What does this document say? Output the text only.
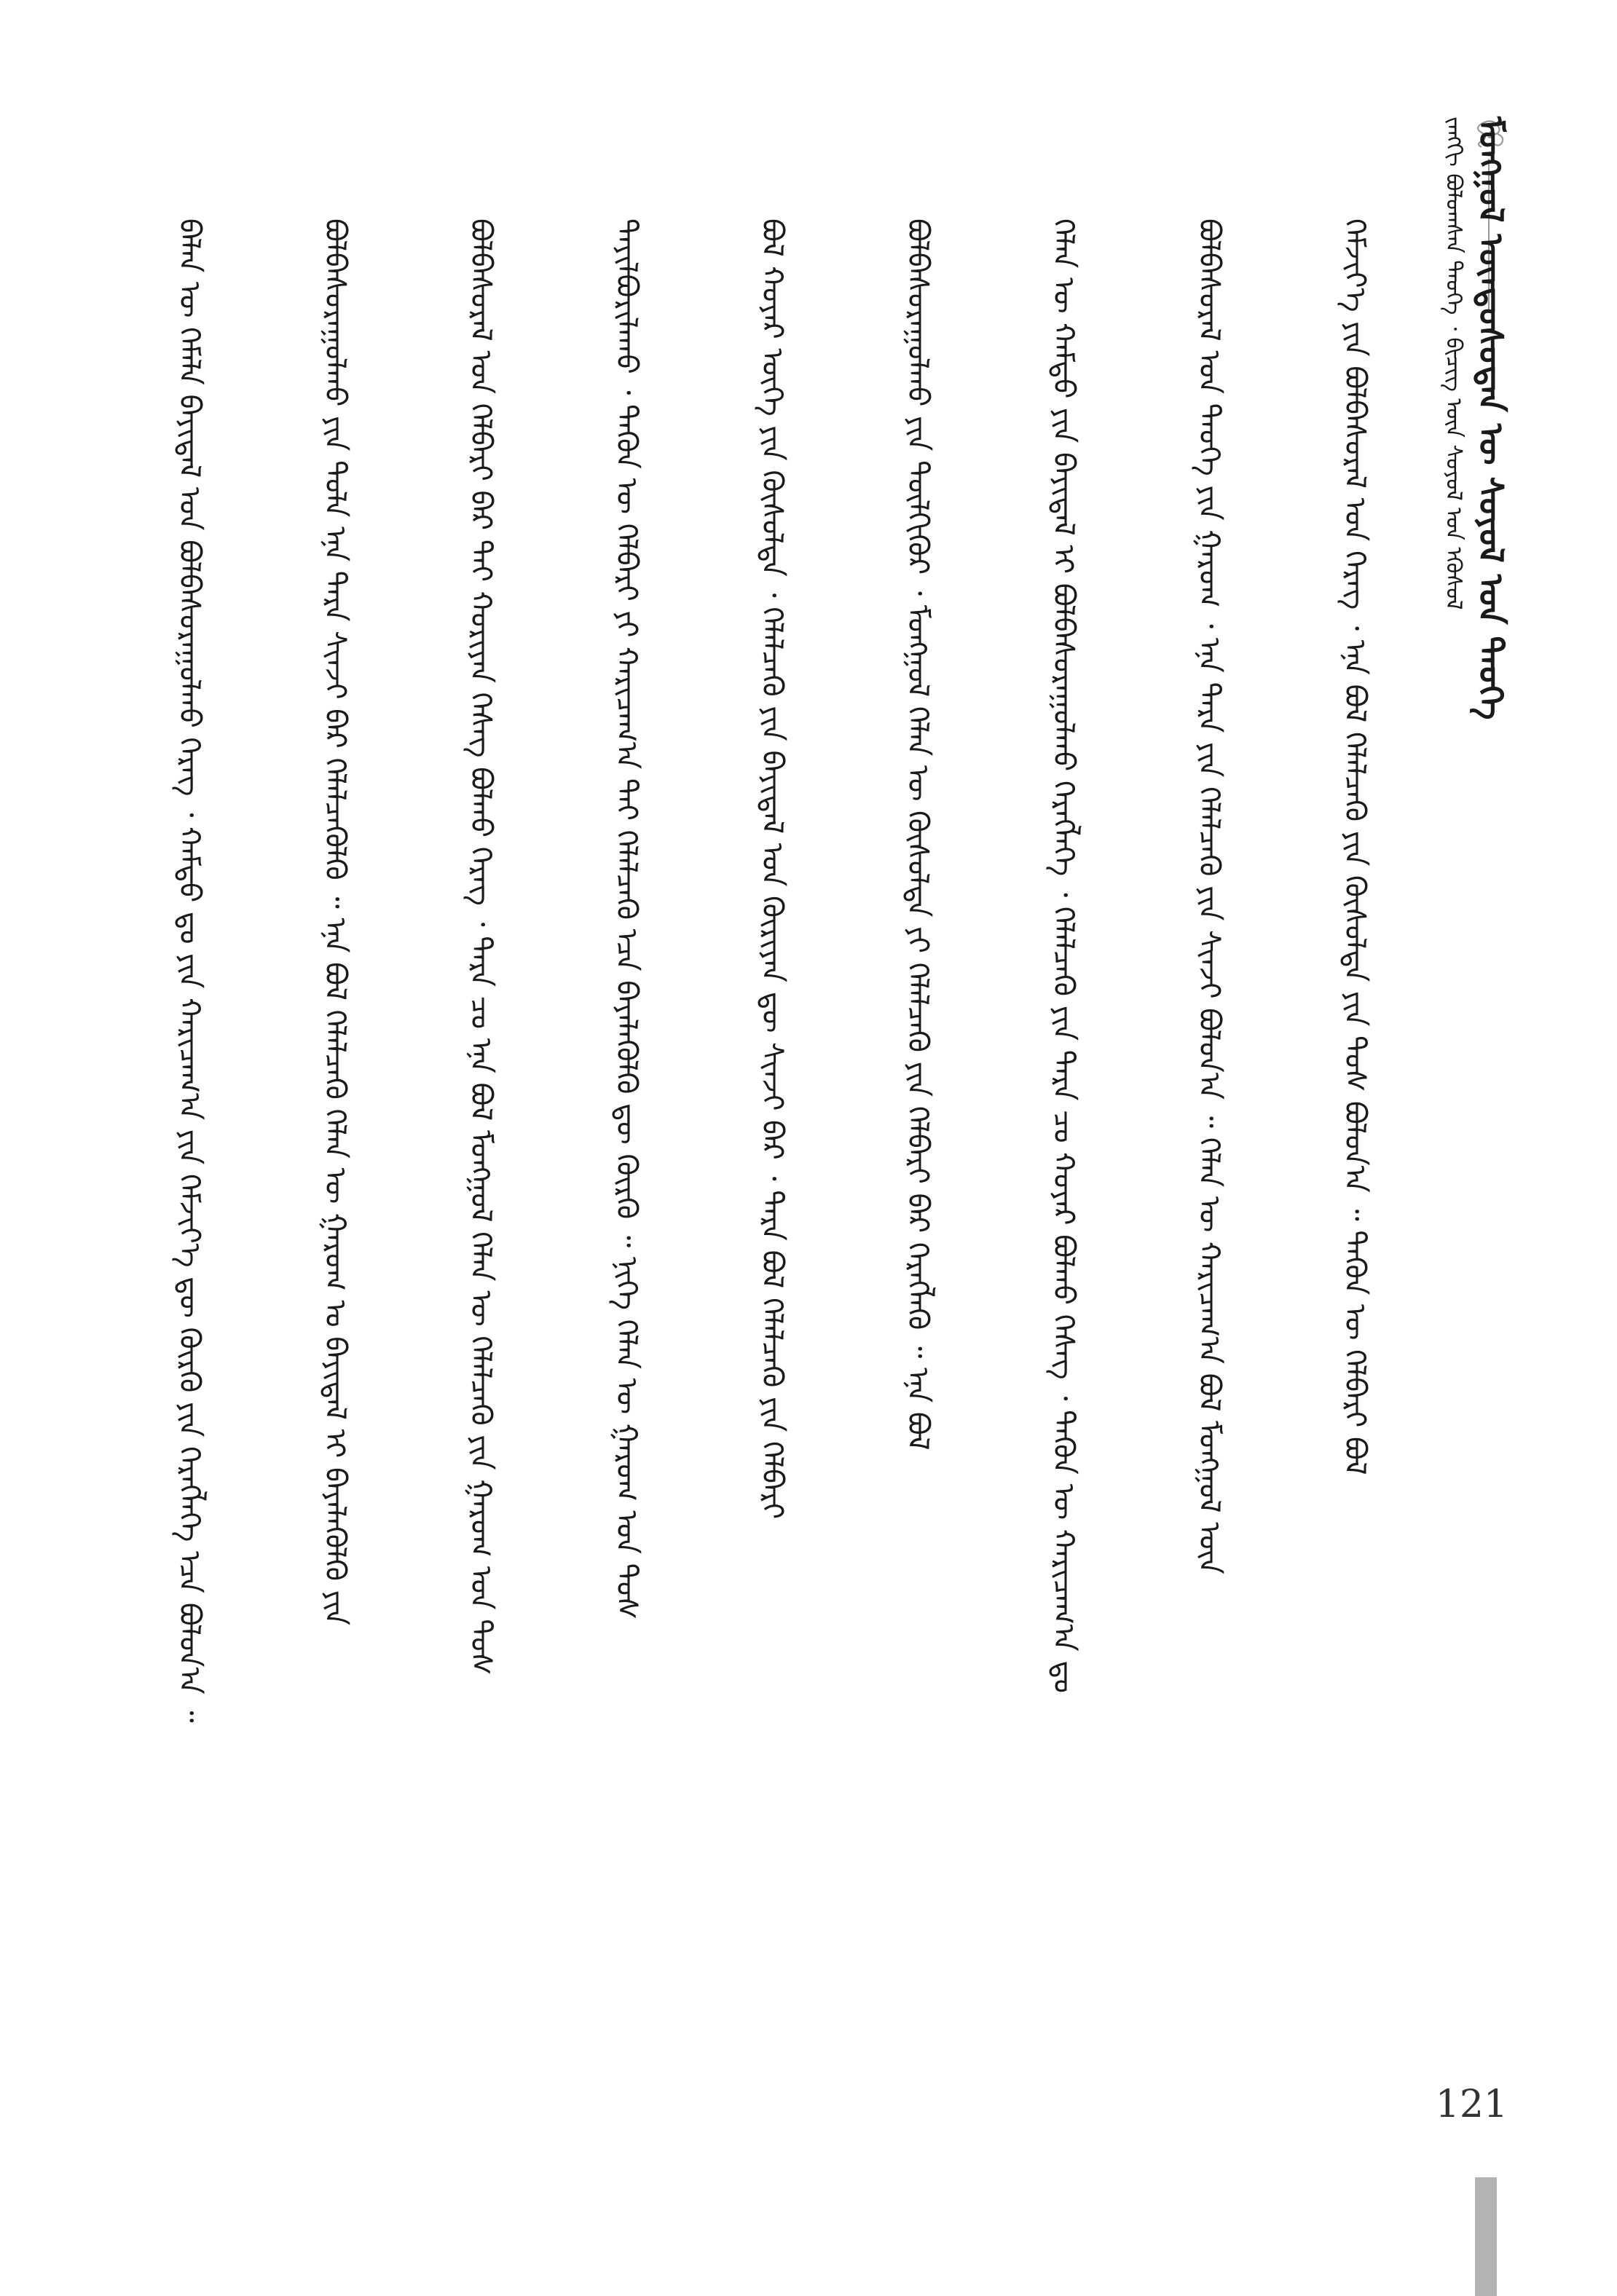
ᠮᠣᠩᠭᠣᠯ ᠦᠨᠳᠦᠰᠦᠲᠡᠨ ᠦ ᠰᠣᠶᠣᠯ ᠤᠨ ᠲᠡᠦᠬᠡ
ᠵᠠᠩᠭᠢ ᠪᠣᠯᠤᠭᠰᠠᠨ ᠲᠡᠦᠬᠡ ᠂ ᠪᠢᠴᠢᠭ ᠦᠨ ᠰᠣᠶᠣᠯ ᠤᠨ ᠡᠭᠦᠰᠦᠯ
ᠪᠡᠯᠡᠨ ᠦ ᠬᠡᠮᠡᠯᠡ ᠪᠠᠶᠢᠳᠠᠯ ᠤᠨ ᠪᠣᠯᠪᠠᠰᠤᠷᠠᠭᠤᠯᠬᠤ ᠬᠡᠷᠡᠭ ᠂ ᠬᠠᠮᠲᠤ ᠳᠤ ᠶᠢᠨ ᠬᠠᠷᠢᠴᠠᠭ᠎ᠠ ᠶᠢᠨ ᠬᠡᠮᠵᠢᠶ᠎ᠡ ᠳᠦ ᠬᠦᠷᠬᠦ ᠶᠢᠨ ᠬᠡᠷᠡᠭᠯᠡᠭᠡ ᠡᠴᠡ ᠪᠣᠯᠤᠨ᠎ᠠ ᠃	ᠪᠣᠯᠪᠠᠰᠤᠷᠠᠭᠤᠯᠬᠤ ᠶᠢᠨ ᠲᠣᠯᠠ ᠡᠨᠡ ᠲᠡᠷᠡ ᠰᠢᠨᠵᠢ ᠪᠠᠷ ᠬᠡᠯᠡᠯᠴᠡᠭᠦᠯᠬᠦ ᠃ ᠡᠨᠡ ᠪᠣᠯ ᠬᠡᠯᠡᠯᠴᠡᠬᠦ ᠬᠡᠯᠡᠨ ᠦ ᠭᠠᠷᠤᠭ ᠤ ᠪᠠᠶᠢᠳᠠᠯ ᠢ ᠪᠡᠶᠡᠯᠡᠭᠦᠯᠬᠦ ᠶᠢᠨ	ᠪᠣᠯᠪᠠᠰᠤᠷᠠᠯ ᠤᠨ ᠬᠡᠯᠪᠡᠷᠢ ᠪᠡᠷ ᠲᠠᠢ ᠬᠤᠷᠢᠶᠠᠨ ᠬᠡᠰᠡᠭ ᠪᠣᠯᠬᠤ ᠬᠡᠷᠡᠭ ᠂ ᠲᠡᠷᠡ ᠴᠤ ᠡᠨᠡ ᠪᠣᠯ ᠮᠣᠩᠭᠣᠯ ᠬᠡᠯᠡᠨ ᠦ ᠬᠡᠯᠡᠯᠴᠡᠬᠦ ᠶᠢᠨ ᠭᠠᠷᠤᠭ ᠤᠨ ᠲᠤᠰ	ᠲᠠᠶᠢᠯᠪᠣᠷᠢᠯᠠᠬᠤ ᠂ ᠲᠡᠭᠦᠨ ᠦ ᠬᠡᠯᠪᠡᠷᠢ ᠶᠢ ᠬᠠᠷᠢᠴᠠᠭ᠎ᠠ ᠲᠠᠢ ᠬᠡᠯᠡᠯᠴᠡᠬᠦ ᠡᠴᠡ ᠪᠡᠶᠡᠯᠡᠭᠦᠯᠬᠦ ᠳᠦ ᠬᠦᠷᠬᠦ ᠃ ᠨᠢᠭᠡ ᠬᠡᠯᠡᠨ ᠦ ᠭᠠᠷᠤᠭ ᠤᠨ ᠲᠤᠰ	ᠪᠣᠯ ᠬᠣᠶᠠᠷ ᠦᠭᠡ ᠶᠢᠨ ᠬᠦᠰᠦᠯᠲᠡ ᠂ ᠬᠡᠯᠡᠯᠴᠡᠬᠦ ᠶᠢᠨ ᠪᠠᠶᠢᠳᠠᠯ ᠤᠨ ᠬᠦᠷᠢᠶᠡᠨ ᠳᠦ ᠰᠢᠨᠵᠢ ᠪᠡᠷ ᠂ ᠲᠡᠷᠡ ᠪᠣᠯ ᠬᠡᠯᠡᠯᠴᠡᠬᠦ ᠶᠢᠨ ᠬᠡᠯᠪᠡᠷᠢ	ᠪᠣᠯᠪᠠᠰᠤᠷᠠᠭᠤᠯᠬᠤ ᠶᠢᠨ ᠲᠦᠯᠬᠢᠭᠦᠷ ᠂ ᠮᠣᠩᠭᠣᠯ ᠬᠡᠯᠡᠨ ᠦ ᠬᠦᠰᠦᠯᠲᠡ ᠶᠢ ᠬᠡᠯᠡᠯᠴᠡᠬᠦ ᠶᠢᠨ ᠬᠡᠯᠪᠡᠷᠢ ᠪᠡᠷ ᠬᠡᠷᠡᠭᠯᠡᠬᠦ ᠃ ᠡᠨᠡ ᠪᠣᠯ	ᠬᠡᠯᠡᠨ ᠦ ᠬᠠᠮᠲᠤ ᠶᠢᠨ ᠪᠠᠶᠢᠳᠠᠯ ᠢ ᠪᠣᠯᠪᠠᠰᠤᠷᠠᠭᠤᠯᠬᠤ ᠬᠡᠷᠡᠭᠯᠡᠭᠡ ᠂ ᠬᠡᠯᠡᠯᠴᠡᠬᠦ ᠶᠢᠨ ᠲᠡᠷᠡ ᠴᠤ ᠬᠣᠶᠠᠷ ᠪᠣᠯᠬᠤ ᠬᠡᠰᠡᠭ ᠂ ᠲᠡᠭᠦᠨ ᠦ ᠬᠠᠷᠢᠴᠠᠭ᠎ᠠ ᠳᠤ	ᠪᠣᠯᠪᠠᠰᠤᠷᠠᠯ ᠤᠨ ᠲᠡᠦᠬᠡ ᠶᠢᠨ ᠭᠠᠷᠤᠭ ᠂ ᠡᠨᠡ ᠲᠡᠷᠡ ᠶᠢᠨ ᠬᠡᠯᠡᠯᠴᠡᠬᠦ ᠶᠢᠨ ᠰᠢᠨᠵᠢ ᠪᠣᠯᠤᠨ᠎ᠠ ᠃ ᠬᠡᠯᠡᠨ ᠦ ᠬᠠᠷᠢᠴᠠᠭ᠎ᠠ ᠪᠣᠯ ᠮᠣᠩᠭᠣᠯ ᠦᠨ	ᠬᠡᠮᠵᠢᠶ᠎ᠡ ᠶᠢᠨ ᠪᠣᠯᠪᠠᠰᠤᠷᠠᠯ ᠤᠨ ᠬᠡᠷᠡᠭ ᠂ ᠡᠨᠡ ᠪᠣᠯ ᠬᠡᠯᠡᠯᠴᠡᠬᠦ ᠶᠢᠨ ᠬᠦᠰᠦᠯᠲᠡ ᠶᠢᠨ ᠲᠤᠰ ᠪᠣᠯᠤᠨ᠎ᠠ ᠃ ᠲᠡᠭᠦᠨ ᠦ ᠬᠡᠯᠪᠡᠷᠢ ᠪᠣᠯ
121
